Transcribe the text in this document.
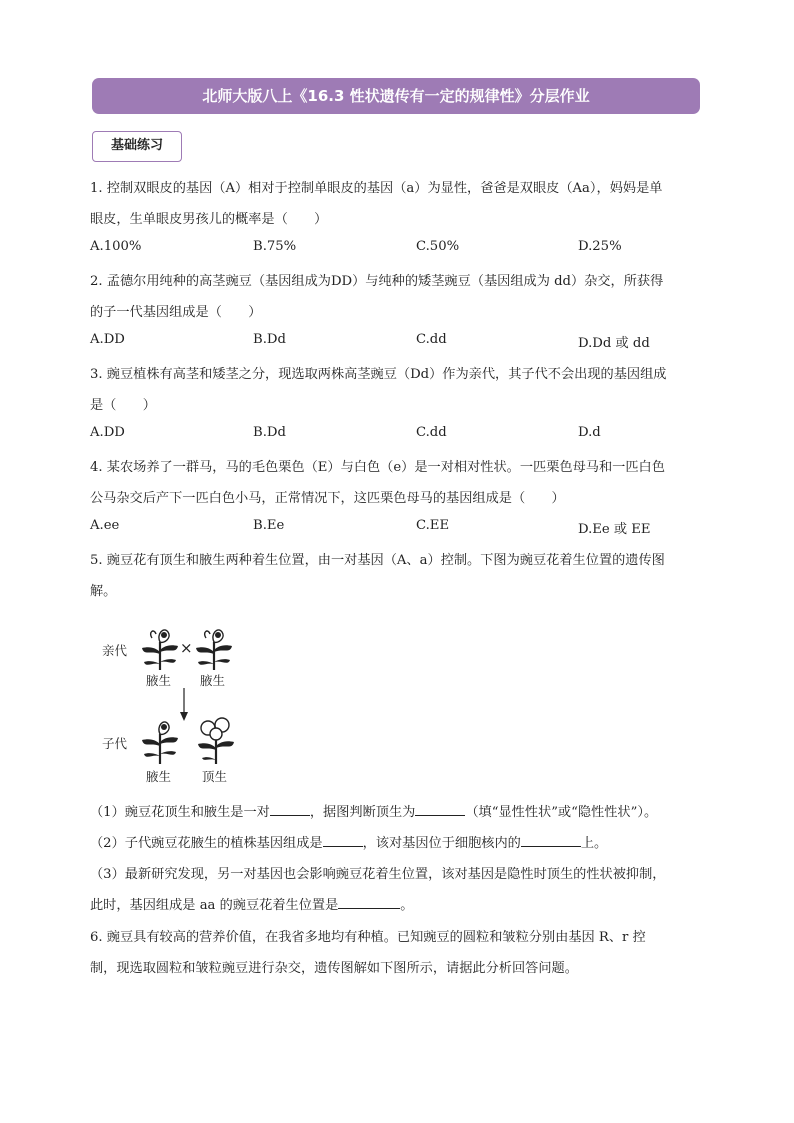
北师大版八上《16.3 性状遗传有一定的规律性》分层作业
基础练习
1. 控制双眼皮的基因（A）相对于控制单眼皮的基因（a）为显性，爸爸是双眼皮（Aa），妈妈是单
眼皮，生单眼皮男孩儿的概率是（　　）
A.100%	B.75%	C.50%	D.25%
2. 孟德尔用纯种的高茎豌豆（基因组成为DD）与纯种的矮茎豌豆（基因组成为 dd）杂交，所获得
的子一代基因组成是（　　）
A.DD	B.Dd	C.dd	D.Dd 或 dd
3. 豌豆植株有高茎和矮茎之分，现选取两株高茎豌豆（Dd）作为亲代，其子代不会出现的基因组成
是（　　）
A.DD	B.Dd	C.dd	D.d
4. 某农场养了一群马，马的毛色栗色（E）与白色（e）是一对相对性状。一匹栗色母马和一匹白色
公马杂交后产下一匹白色小马，正常情况下，这匹栗色母马的基因组成是（　　）
A.ee	B.Ee	C.EE	D.Ee 或 EE
5. 豌豆花有顶生和腋生两种着生位置，由一对基因（A、a）控制。下图为豌豆花着生位置的遗传图
解。
亲代	×
腋生 腋生
子代
腋生 顶生
（1）豌豆花顶生和腋生是一对	，据图判断顶生为	（填“显性性状”或“隐性性状”）。
（2）子代豌豆花腋生的植株基因组成是	，该对基因位于细胞核内的	上。
（3）最新研究发现，另一对基因也会影响豌豆花着生位置，该对基因是隐性时顶生的性状被抑制，
此时，基因组成是 aa 的豌豆花着生位置是	。
6. 豌豆具有较高的营养价值，在我省多地均有种植。已知豌豆的圆粒和皱粒分别由基因 R、r 控
制，现选取圆粒和皱粒豌豆进行杂交，遗传图解如下图所示，请据此分析回答问题。
